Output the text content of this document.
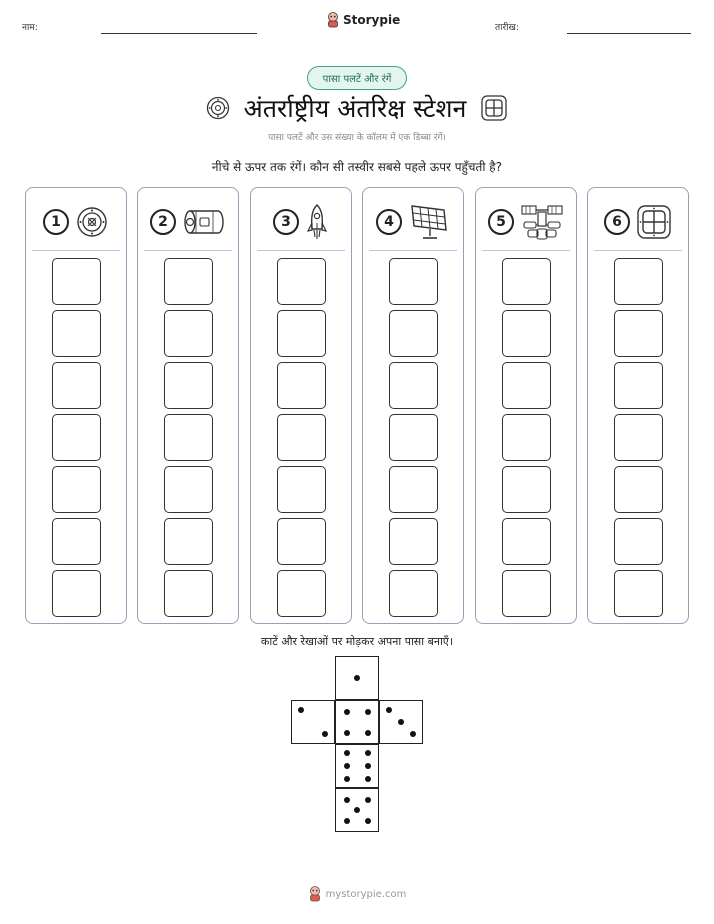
नाम:
Storypie
तारीख:
पासा पलटें और रंगें
अंतर्राष्ट्रीय अंतरिक्ष स्टेशन
पासा पलटें और उस संख्या के कॉलम में एक डिब्बा रंगें।
नीचे से ऊपर तक रंगें। कौन सी तस्वीर सबसे पहले ऊपर पहुँचती है?
1	2	3	4	5	6
काटें और रेखाओं पर मोड़कर अपना पासा बनाएँ।
mystorypie.com
